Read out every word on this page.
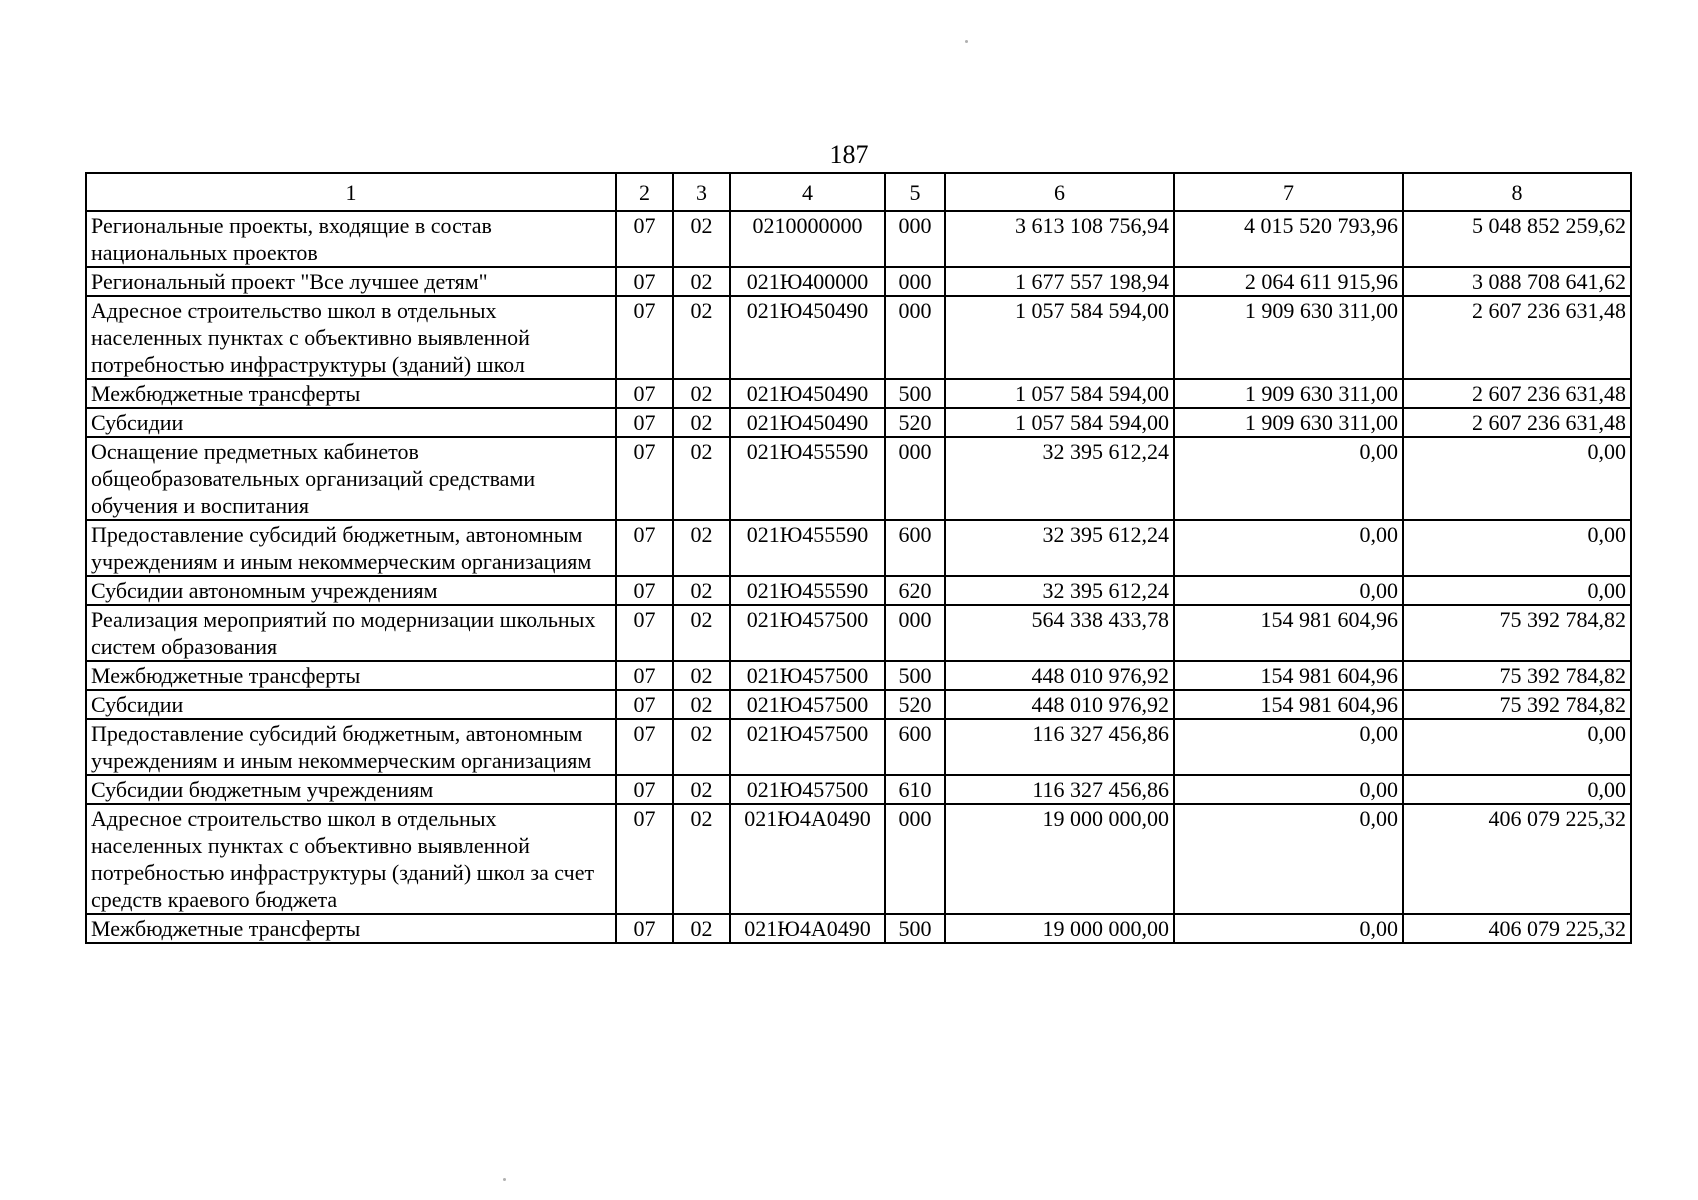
187
1	2	3	4	5	6	7	8
Региональные проекты, входящие в состав национальных проектов	07	02	0210000000	000	3 613 108 756,94	4 015 520 793,96	5 048 852 259,62
Региональный проект "Все лучшее детям"	07	02	021Ю400000	000	1 677 557 198,94	2 064 611 915,96	3 088 708 641,62
Адресное строительство школ в отдельных населенных пунктах с объективно выявленной потребностью инфраструктуры (зданий) школ	07	02	021Ю450490	000	1 057 584 594,00	1 909 630 311,00	2 607 236 631,48
Межбюджетные трансферты	07	02	021Ю450490	500	1 057 584 594,00	1 909 630 311,00	2 607 236 631,48
Субсидии	07	02	021Ю450490	520	1 057 584 594,00	1 909 630 311,00	2 607 236 631,48
Оснащение предметных кабинетов общеобразовательных организаций средствами обучения и воспитания	07	02	021Ю455590	000	32 395 612,24	0,00	0,00
Предоставление субсидий бюджетным, автономным учреждениям и иным некоммерческим организациям	07	02	021Ю455590	600	32 395 612,24	0,00	0,00
Субсидии автономным учреждениям	07	02	021Ю455590	620	32 395 612,24	0,00	0,00
Реализация мероприятий по модернизации школьных систем образования	07	02	021Ю457500	000	564 338 433,78	154 981 604,96	75 392 784,82
Межбюджетные трансферты	07	02	021Ю457500	500	448 010 976,92	154 981 604,96	75 392 784,82
Субсидии	07	02	021Ю457500	520	448 010 976,92	154 981 604,96	75 392 784,82
Предоставление субсидий бюджетным, автономным учреждениям и иным некоммерческим организациям	07	02	021Ю457500	600	116 327 456,86	0,00	0,00
Субсидии бюджетным учреждениям	07	02	021Ю457500	610	116 327 456,86	0,00	0,00
Адресное строительство школ в отдельных населенных пунктах с объективно выявленной потребностью инфраструктуры (зданий) школ за счет средств краевого бюджета	07	02	021Ю4А0490	000	19 000 000,00	0,00	406 079 225,32
Межбюджетные трансферты	07	02	021Ю4А0490	500	19 000 000,00	0,00	406 079 225,32
